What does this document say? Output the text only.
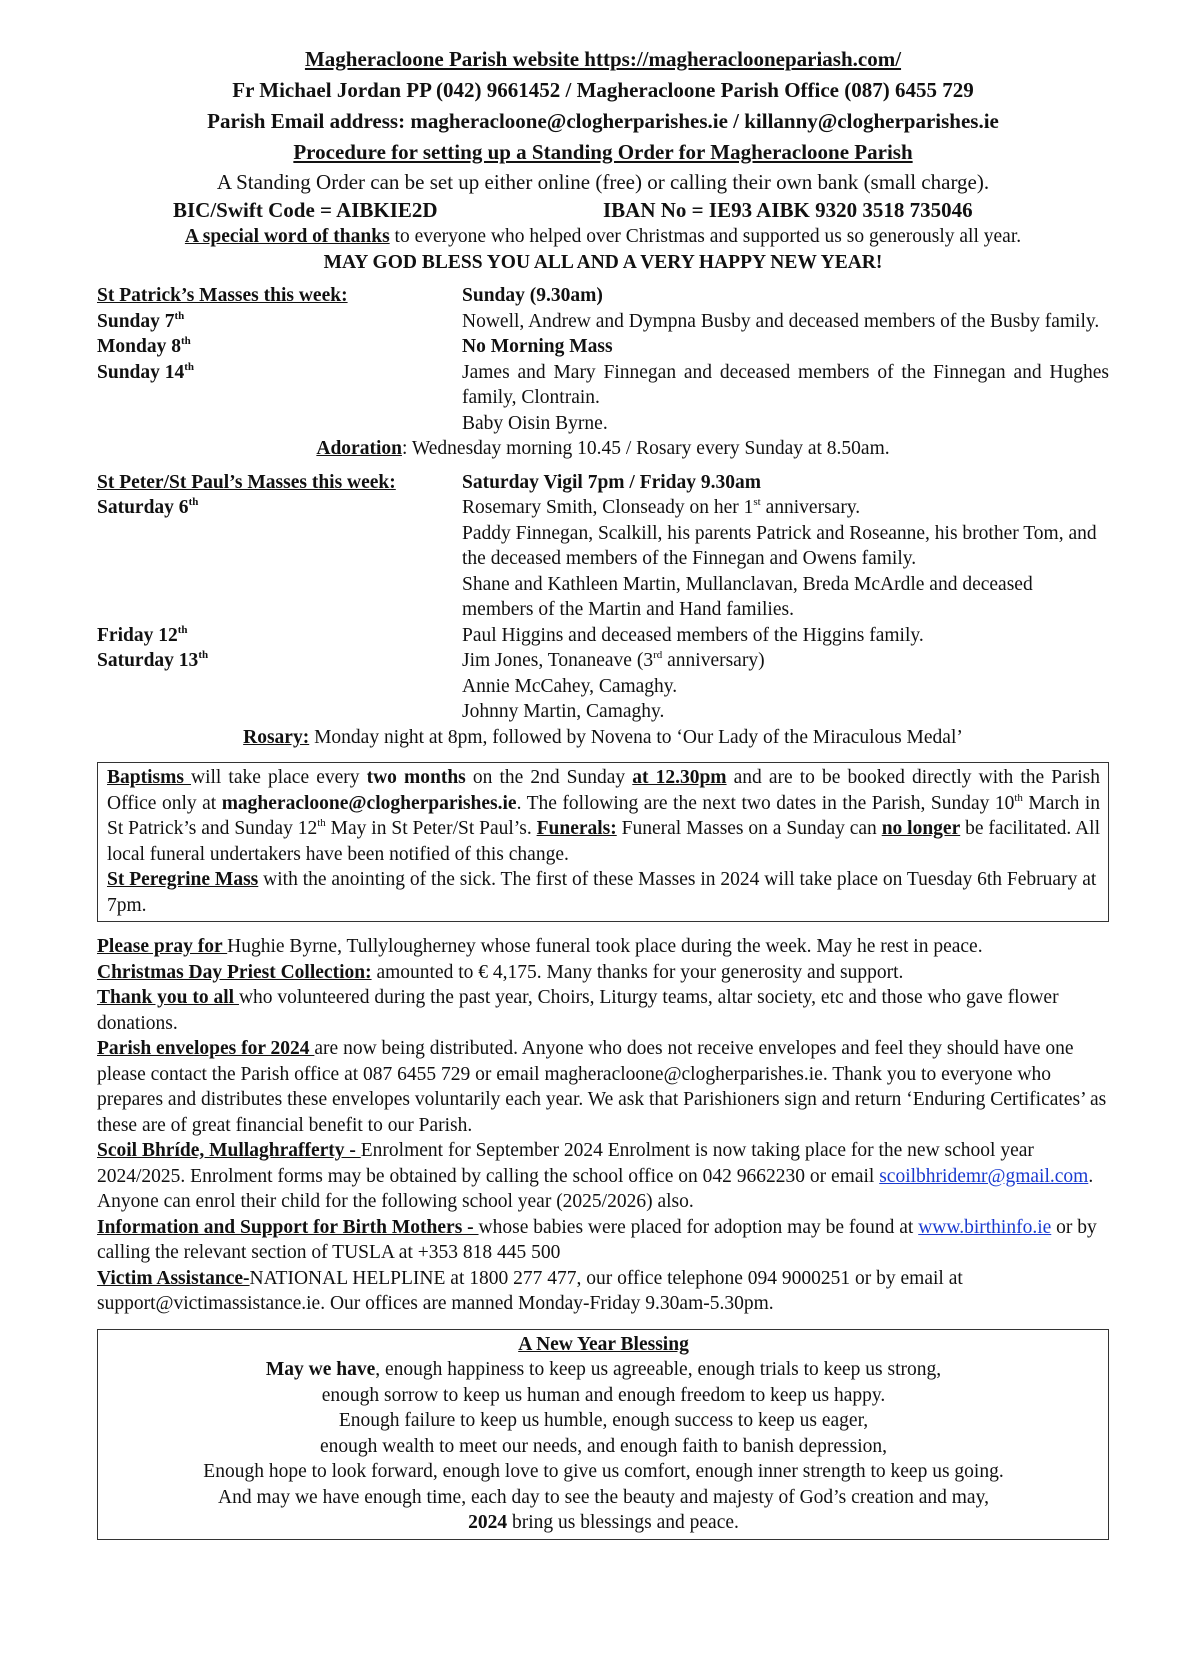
Magheracloone Parish website https://magheracloonepariash.com/
Fr Michael Jordan PP (042) 9661452 / Magheracloone Parish Office (087) 6455 729
Parish Email address: magheracloone@clogherparishes.ie / killanny@clogherparishes.ie
Procedure for setting up a Standing Order for Magheracloone Parish
A Standing Order can be set up either online (free) or calling their own bank (small charge).
BIC/Swift Code = AIBKIE2D	IBAN No = IE93 AIBK 9320 3518 735046
A special word of thanks to everyone who helped over Christmas and supported us so generously all year.
MAY GOD BLESS YOU ALL AND A VERY HAPPY NEW YEAR!
St Patrick’s Masses this week:	Sunday (9.30am)
Sunday 7th	Nowell, Andrew and Dympna Busby and deceased members of the Busby family.
Monday 8th	No Morning Mass
Sunday 14th	James and Mary Finnegan and deceased members of the Finnegan and Hughes family, Clontrain.
Baby Oisin Byrne.
Adoration: Wednesday morning 10.45 / Rosary every Sunday at 8.50am.
St Peter/St Paul’s Masses this week:	Saturday Vigil 7pm / Friday 9.30am
Saturday 6th	Rosemary Smith, Clonseady on her 1st anniversary.
Paddy Finnegan, Scalkill, his parents Patrick and Roseanne, his brother Tom, and the deceased members of the Finnegan and Owens family.
Shane and Kathleen Martin, Mullanclavan, Breda McArdle and deceased members of the Martin and Hand families.

Friday 12th	Paul Higgins and deceased members of the Higgins family.
Saturday 13th	Jim Jones, Tonaneave (3rd anniversary)
Annie McCahey, Camaghy.
Johnny Martin, Camaghy.
Rosary: Monday night at 8pm, followed by Novena to ‘Our Lady of the Miraculous Medal’
Baptisms will take place every two months on the 2nd Sunday at 12.30pm and are to be booked directly with the Parish Office only at magheracloone@clogherparishes.ie. The following are the next two dates in the Parish, Sunday 10th March in St Patrick’s and Sunday 12th May in St Peter/St Paul’s. Funerals: Funeral Masses on a Sunday can no longer be facilitated. All local funeral undertakers have been notified of this change.
St Peregrine Mass with the anointing of the sick. The first of these Masses in 2024 will take place on Tuesday 6th February at 7pm.

Please pray for Hughie Byrne, Tullylougherney whose funeral took place during the week. May he rest in peace.

Christmas Day Priest Collection: amounted to € 4,175. Many thanks for your generosity and support.

Thank you to all who volunteered during the past year, Choirs, Liturgy teams, altar society, etc and those who gave flower donations.

Parish envelopes for 2024 are now being distributed. Anyone who does not receive envelopes and feel they should have one please contact the Parish office at 087 6455 729 or email magheracloone@clogherparishes.ie. Thank you to everyone who prepares and distributes these envelopes voluntarily each year. We ask that Parishioners sign and return ‘Enduring Certificates’ as these are of great financial benefit to our Parish.

Scoil Bhríde, Mullaghrafferty - Enrolment for September 2024 Enrolment is now taking place for the new school year 2024/2025. Enrolment forms may be obtained by calling the school office on 042 9662230 or email scoilbhridemr@gmail.com. Anyone can enrol their child for the following school year (2025/2026) also.

Information and Support for Birth Mothers - whose babies were placed for adoption may be found at www.birthinfo.ie or by calling the relevant section of TUSLA at +353 818 445 500

Victim Assistance-NATIONAL HELPLINE at 1800 277 477, our office telephone 094 9000251 or by email at support@victimassistance.ie. Our offices are manned Monday-Friday 9.30am-5.30pm.

A New Year Blessing
May we have, enough happiness to keep us agreeable, enough trials to keep us strong,
enough sorrow to keep us human and enough freedom to keep us happy.
Enough failure to keep us humble, enough success to keep us eager,
enough wealth to meet our needs, and enough faith to banish depression,
Enough hope to look forward, enough love to give us comfort, enough inner strength to keep us going.
And may we have enough time, each day to see the beauty and majesty of God’s creation and may,
2024 bring us blessings and peace.
